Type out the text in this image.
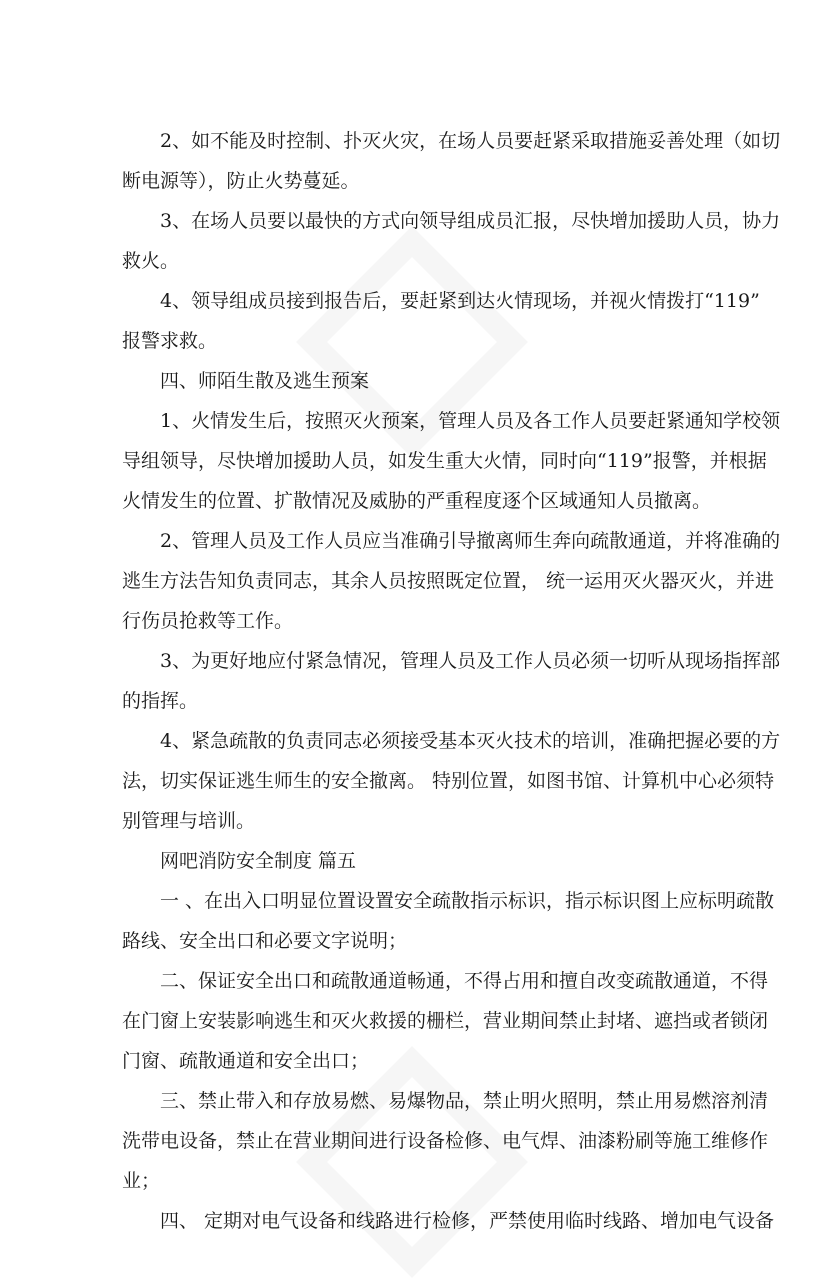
2、如不能及时控制、扑灭火灾，在场人员要赶紧采取措施妥善处理（如切
断电源等），防止火势蔓延。
3、在场人员要以最快的方式向领导组成员汇报，尽快增加援助人员，协力
救火。
4、领导组成员接到报告后，要赶紧到达火情现场，并视火情拨打“119”
报警求救。
四、师陌生散及逃生预案
1、火情发生后，按照灭火预案，管理人员及各工作人员要赶紧通知学校领
导组领导，尽快增加援助人员，如发生重大火情，同时向“119”报警，并根据
火情发生的位置、扩散情况及威胁的严重程度逐个区域通知人员撤离。
2、管理人员及工作人员应当准确引导撤离师生奔向疏散通道，并将准确的
逃生方法告知负责同志，其余人员按照既定位置， 统一运用灭火器灭火，并进
行伤员抢救等工作。
3、为更好地应付紧急情况，管理人员及工作人员必须一切听从现场指挥部
的指挥。
4、紧急疏散的负责同志必须接受基本灭火技术的培训，准确把握必要的方
法，切实保证逃生师生的安全撤离。 特别位置，如图书馆、计算机中心必须特
别管理与培训。
网吧消防安全制度 篇五
一 、在出入口明显位置设置安全疏散指示标识，指示标识图上应标明疏散
路线、安全出口和必要文字说明；
二、保证安全出口和疏散通道畅通，不得占用和擅自改变疏散通道，不得
在门窗上安装影响逃生和灭火救援的栅栏，营业期间禁止封堵、遮挡或者锁闭
门窗、疏散通道和安全出口；
三、禁止带入和存放易燃、易爆物品，禁止明火照明，禁止用易燃溶剂清
洗带电设备，禁止在营业期间进行设备检修、电气焊、油漆粉刷等施工维修作
业；
四、 定期对电气设备和线路进行检修，严禁使用临时线路、增加电气设备
